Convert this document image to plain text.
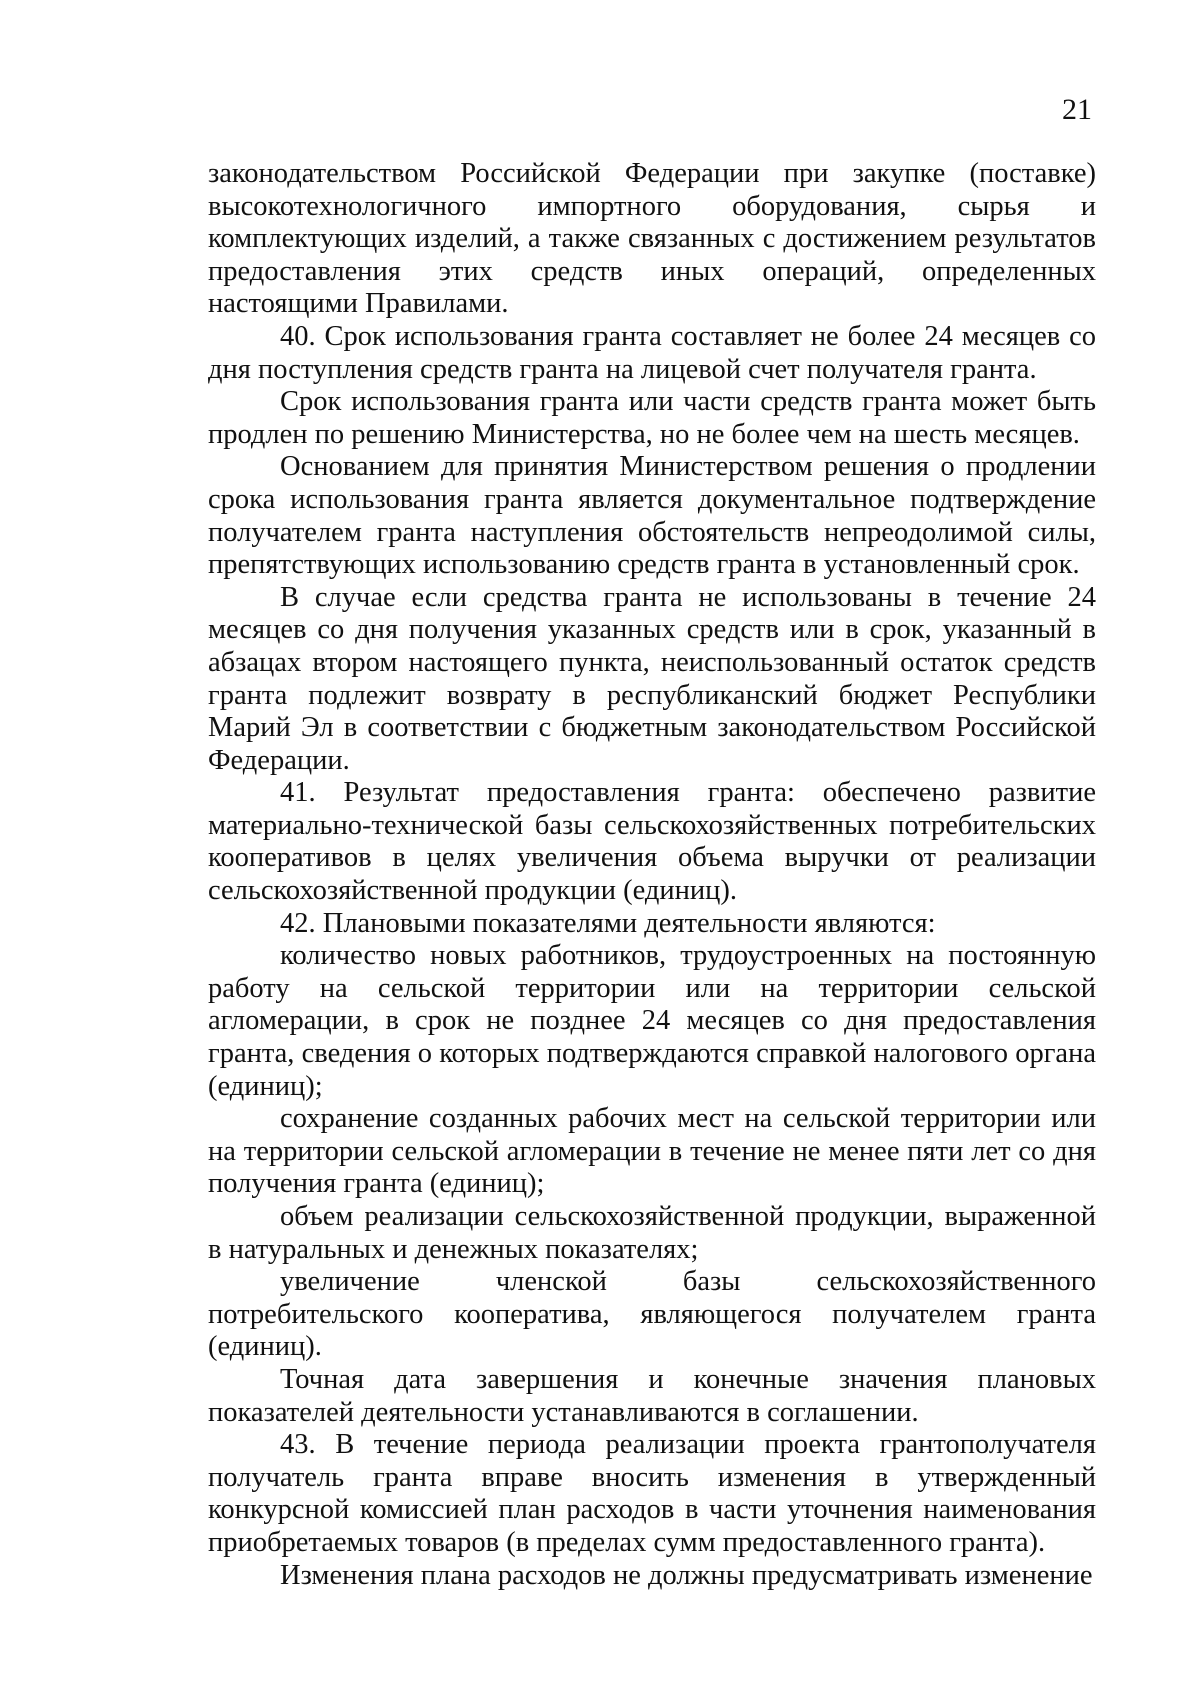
21

законодательством Российской Федерации при закупке (поставке) высокотехнологичного импортного оборудования, сырья и комплектующих изделий, а также связанных с достижением результатов предоставления этих средств иных операций, определенных настоящими Правилами.

40. Срок использования гранта составляет не более 24 месяцев со дня поступления средств гранта на лицевой счет получателя гранта.

Срок использования гранта или части средств гранта может быть продлен по решению Министерства, но не более чем на шесть месяцев.

Основанием для принятия Министерством решения о продлении срока использования гранта является документальное подтверждение получателем гранта наступления обстоятельств непреодолимой силы, препятствующих использованию средств гранта в установленный срок.

В случае если средства гранта не использованы в течение 24 месяцев со дня получения указанных средств или в срок, указанный в абзацах втором настоящего пункта, неиспользованный остаток средств гранта подлежит возврату в республиканский бюджет Республики Марий Эл в соответствии с бюджетным законодательством Российской Федерации.

41. Результат предоставления гранта: обеспечено развитие материально-технической базы сельскохозяйственных потребительских кооперативов в целях увеличения объема выручки от реализации сельскохозяйственной продукции (единиц).

42. Плановыми показателями деятельности являются:

количество новых работников, трудоустроенных на постоянную работу на сельской территории или на территории сельской агломерации, в срок не позднее 24 месяцев со дня предоставления гранта, сведения о которых подтверждаются справкой налогового органа (единиц);

сохранение созданных рабочих мест на сельской территории или на территории сельской агломерации в течение не менее пяти лет со дня получения гранта (единиц);

объем реализации сельскохозяйственной продукции, выраженной в натуральных и денежных показателях;

увеличение членской базы сельскохозяйственного потребительского кооператива, являющегося получателем гранта (единиц).

Точная дата завершения и конечные значения плановых показателей деятельности устанавливаются в соглашении.

43. В течение периода реализации проекта грантополучателя получатель гранта вправе вносить изменения в утвержденный конкурсной комиссией план расходов в части уточнения наименования приобретаемых товаров (в пределах сумм предоставленного гранта).

Изменения плана расходов не должны предусматривать изменение
